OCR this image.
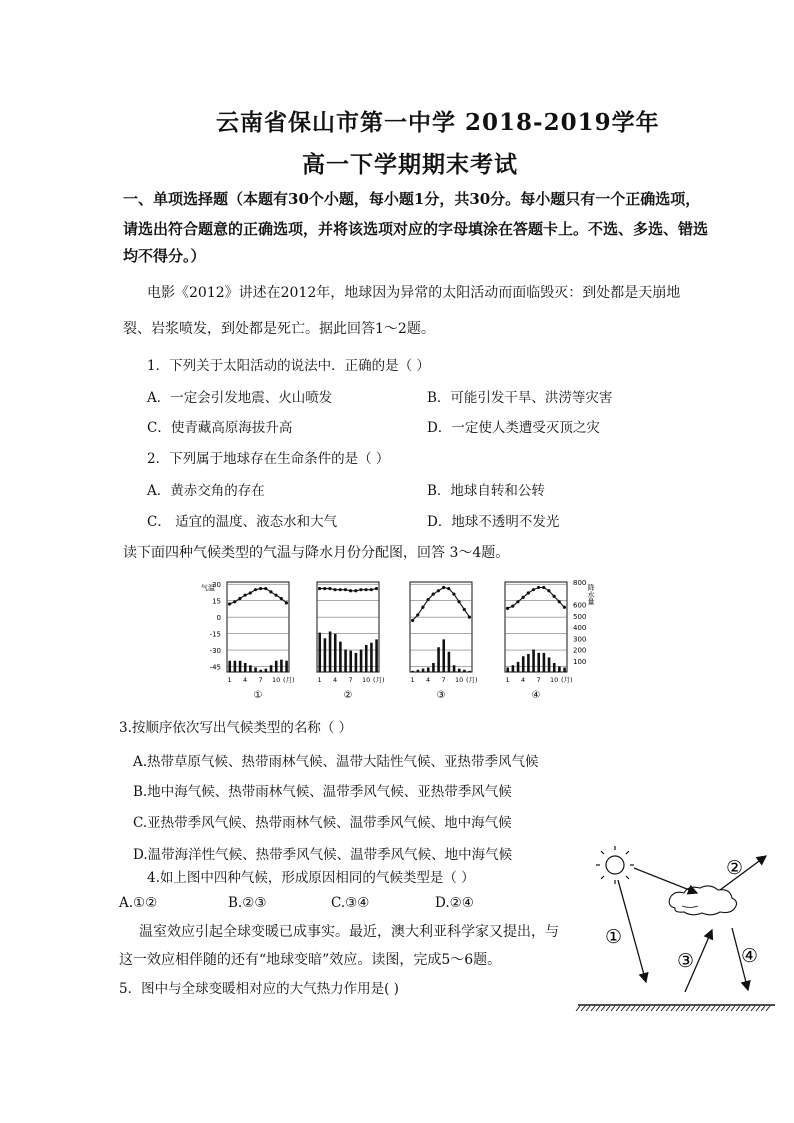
云南省保山市第一中学 2018-2019学年
高一下学期期末考试
一、单项选择题（本题有30个小题，每小题1分，共30分。每小题只有一个正确选项，
请选出符合题意的正确选项，并将该选项对应的字母填涂在答题卡上。不选、多选、错选
均不得分。）
电影《2012》讲述在2012年，地球因为异常的太阳活动而面临毁灭：到处都是天崩地
裂、岩浆喷发，到处都是死亡。据此回答1～2题。
1．下列关于太阳活动的说法中．正确的是（ ）
A．一定会引发地震、火山喷发	B．可能引发干旱、洪涝等灾害
C．使青藏高原海拔升高	D．一定使人类遭受灭顶之灾
2．下列属于地球存在生命条件的是（ ）
A．黄赤交角的存在	B．地球自转和公转
C． 适宜的温度、液态水和大气	D．地球不透明不发光
读下面四种气候类型的气温与降水月份分配图，回答 3～4题。
30
15
0
-15
-30
-45
气温
800
600
500
400
300
200
100
降水量
1 4 7 10 (月)
①
1 4 7 10 (月)
②
1 4 7 10 (月)
③
1 4 7 10 (月)
④
3.按顺序依次写出气候类型的名称（ ）
A.热带草原气候、热带雨林气候、温带大陆性气候、亚热带季风气候
B.地中海气候、热带雨林气候、温带季风气候、亚热带季风气候
C.亚热带季风气候、热带雨林气候、温带季风气候、地中海气候
D.温带海洋性气候、热带季风气候、温带季风气候、地中海气候
4.如上图中四种气候，形成原因相同的气候类型是（ ）
A.①②	B.②③	C.③④	D.②④
温室效应引起全球变暖已成事实。最近，澳大利亚科学家又提出，与
这一效应相伴随的还有“地球变暗”效应。读图，完成5～6题。
5．图中与全球变暖相对应的大气热力作用是( )
①
②
③ ④
